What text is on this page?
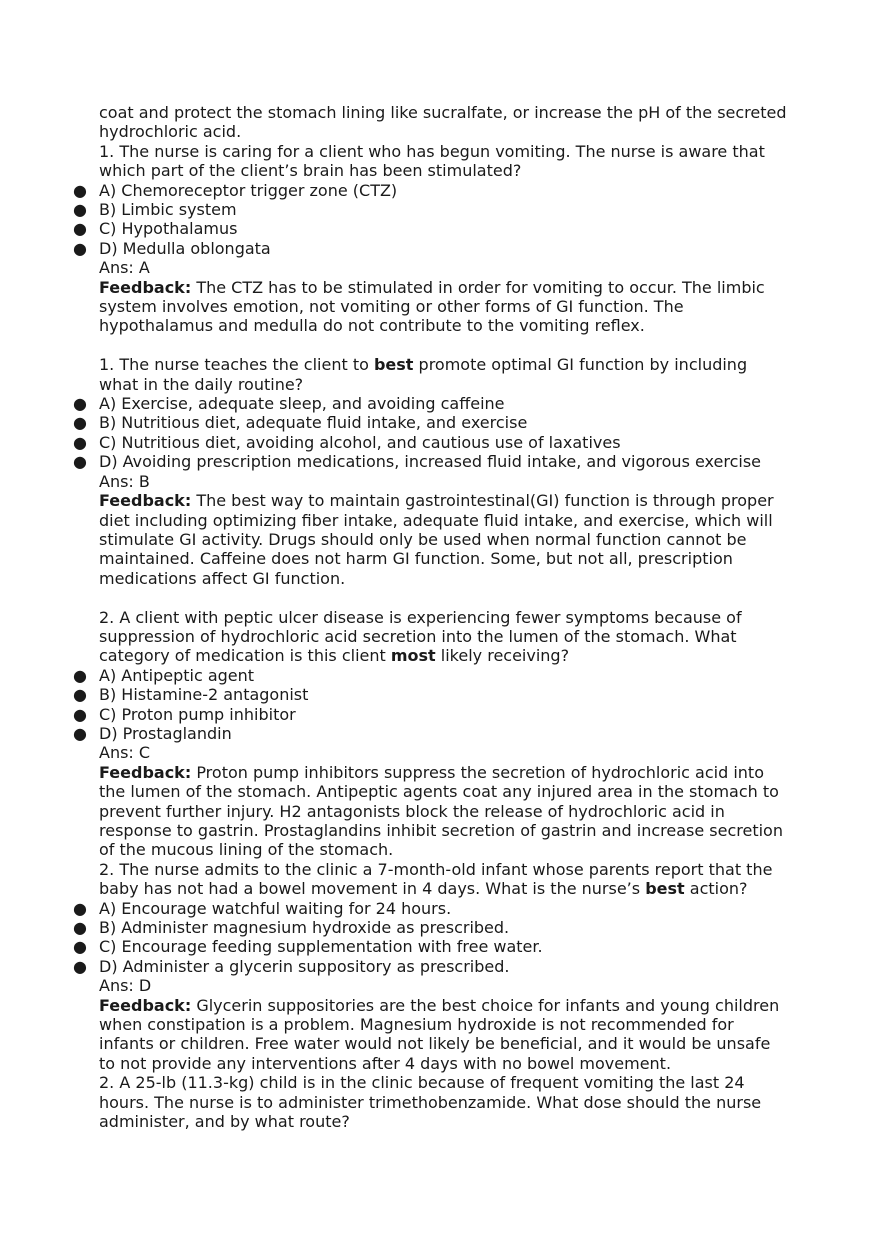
coat and protect the stomach lining like sucralfate, or increase the pH of the secreted
hydrochloric acid.
1. The nurse is caring for a client who has begun vomiting. The nurse is aware that
which part of the client’s brain has been stimulated?
● A) Chemoreceptor trigger zone (CTZ)
● B) Limbic system
● C) Hypothalamus
● D) Medulla oblongata
Ans: A
Feedback: The CTZ has to be stimulated in order for vomiting to occur. The limbic
system involves emotion, not vomiting or other forms of GI function. The
hypothalamus and medulla do not contribute to the vomiting reflex.
1. The nurse teaches the client to best promote optimal GI function by including
what in the daily routine?
● A) Exercise, adequate sleep, and avoiding caffeine
● B) Nutritious diet, adequate fluid intake, and exercise
● C) Nutritious diet, avoiding alcohol, and cautious use of laxatives
● D) Avoiding prescription medications, increased fluid intake, and vigorous exercise
Ans: B
Feedback: The best way to maintain gastrointestinal(GI) function is through proper
diet including optimizing fiber intake, adequate fluid intake, and exercise, which will
stimulate GI activity. Drugs should only be used when normal function cannot be
maintained. Caffeine does not harm GI function. Some, but not all, prescription
medications affect GI function.
2. A client with peptic ulcer disease is experiencing fewer symptoms because of
suppression of hydrochloric acid secretion into the lumen of the stomach. What
category of medication is this client most likely receiving?
● A) Antipeptic agent
● B) Histamine-2 antagonist
● C) Proton pump inhibitor
● D) Prostaglandin
Ans: C
Feedback: Proton pump inhibitors suppress the secretion of hydrochloric acid into
the lumen of the stomach. Antipeptic agents coat any injured area in the stomach to
prevent further injury. H2 antagonists block the release of hydrochloric acid in
response to gastrin. Prostaglandins inhibit secretion of gastrin and increase secretion
of the mucous lining of the stomach.
2. The nurse admits to the clinic a 7-month-old infant whose parents report that the
baby has not had a bowel movement in 4 days. What is the nurse’s best action?
● A) Encourage watchful waiting for 24 hours.
● B) Administer magnesium hydroxide as prescribed.
● C) Encourage feeding supplementation with free water.
● D) Administer a glycerin suppository as prescribed.
Ans: D
Feedback: Glycerin suppositories are the best choice for infants and young children
when constipation is a problem. Magnesium hydroxide is not recommended for
infants or children. Free water would not likely be beneficial, and it would be unsafe
to not provide any interventions after 4 days with no bowel movement.
2. A 25-lb (11.3-kg) child is in the clinic because of frequent vomiting the last 24
hours. The nurse is to administer trimethobenzamide. What dose should the nurse
administer, and by what route?
